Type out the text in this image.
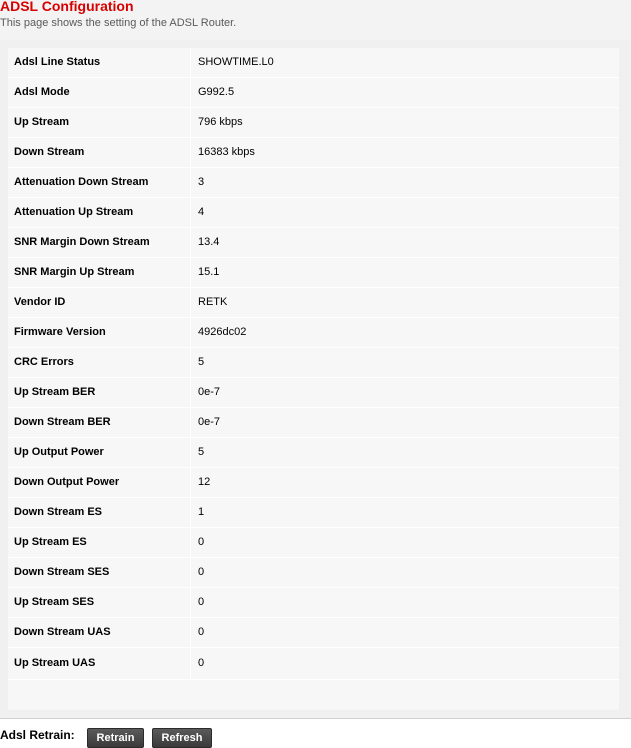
ADSL Configuration
This page shows the setting of the ADSL Router.
Adsl Line Status	SHOWTIME.L0
Adsl Mode	G992.5
Up Stream	796 kbps
Down Stream	16383 kbps
Attenuation Down Stream	3
Attenuation Up Stream	4
SNR Margin Down Stream	13.4
SNR Margin Up Stream	15.1
Vendor ID	RETK
Firmware Version	4926dc02
CRC Errors	5
Up Stream BER	0e-7
Down Stream BER	0e-7
Up Output Power	5
Down Output Power	12
Down Stream ES	1
Up Stream ES	0
Down Stream SES	0
Up Stream SES	0
Down Stream UAS	0
Up Stream UAS	0
Adsl Retrain:	Retrain	Refresh
